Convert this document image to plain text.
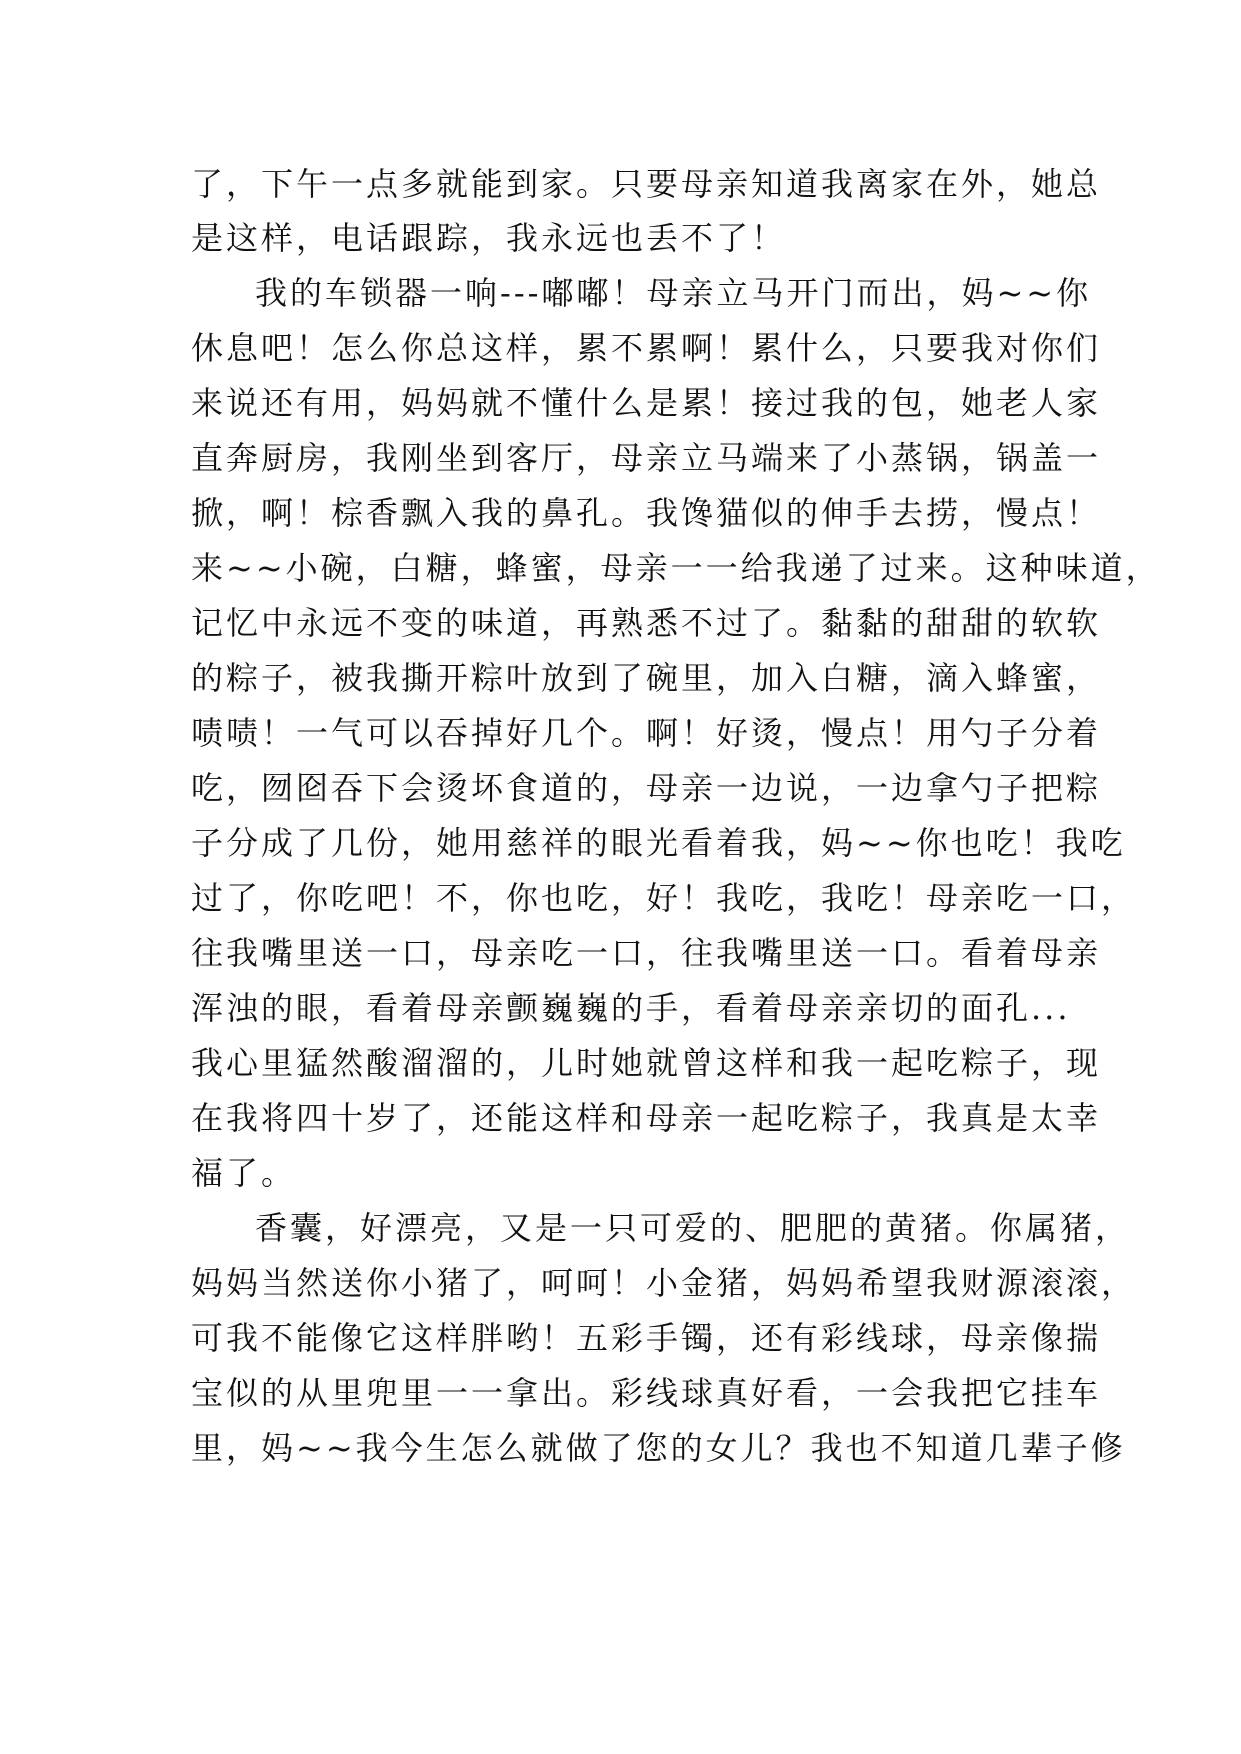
了，下午一点多就能到家。只要母亲知道我离家在外，她总
是这样，电话跟踪，我永远也丢不了！
我的车锁器一响---嘟嘟！母亲立马开门而出，妈~~你
休息吧！怎么你总这样，累不累啊！累什么，只要我对你们
来说还有用，妈妈就不懂什么是累！接过我的包，她老人家
直奔厨房，我刚坐到客厅，母亲立马端来了小蒸锅，锅盖一
掀，啊！棕香飘入我的鼻孔。我馋猫似的伸手去捞，慢点！
来~~小碗，白糖，蜂蜜，母亲一一给我递了过来。这种味道，
记忆中永远不变的味道，再熟悉不过了。黏黏的甜甜的软软
的粽子，被我撕开粽叶放到了碗里，加入白糖，滴入蜂蜜，
啧啧！一气可以吞掉好几个。啊！好烫，慢点！用勺子分着
吃，囫囵吞下会烫坏食道的，母亲一边说，一边拿勺子把粽
子分成了几份，她用慈祥的眼光看着我，妈~~你也吃！我吃
过了，你吃吧！不，你也吃，好！我吃，我吃！母亲吃一口，
往我嘴里送一口，母亲吃一口，往我嘴里送一口。看着母亲
浑浊的眼，看着母亲颤巍巍的手，看着母亲亲切的面孔...
我心里猛然酸溜溜的，儿时她就曾这样和我一起吃粽子，现
在我将四十岁了，还能这样和母亲一起吃粽子，我真是太幸
福了。
香囊，好漂亮，又是一只可爱的、肥肥的黄猪。你属猪，
妈妈当然送你小猪了，呵呵！小金猪，妈妈希望我财源滚滚，
可我不能像它这样胖哟！五彩手镯，还有彩线球，母亲像揣
宝似的从里兜里一一拿出。彩线球真好看，一会我把它挂车
里，妈~~我今生怎么就做了您的女儿？我也不知道几辈子修
